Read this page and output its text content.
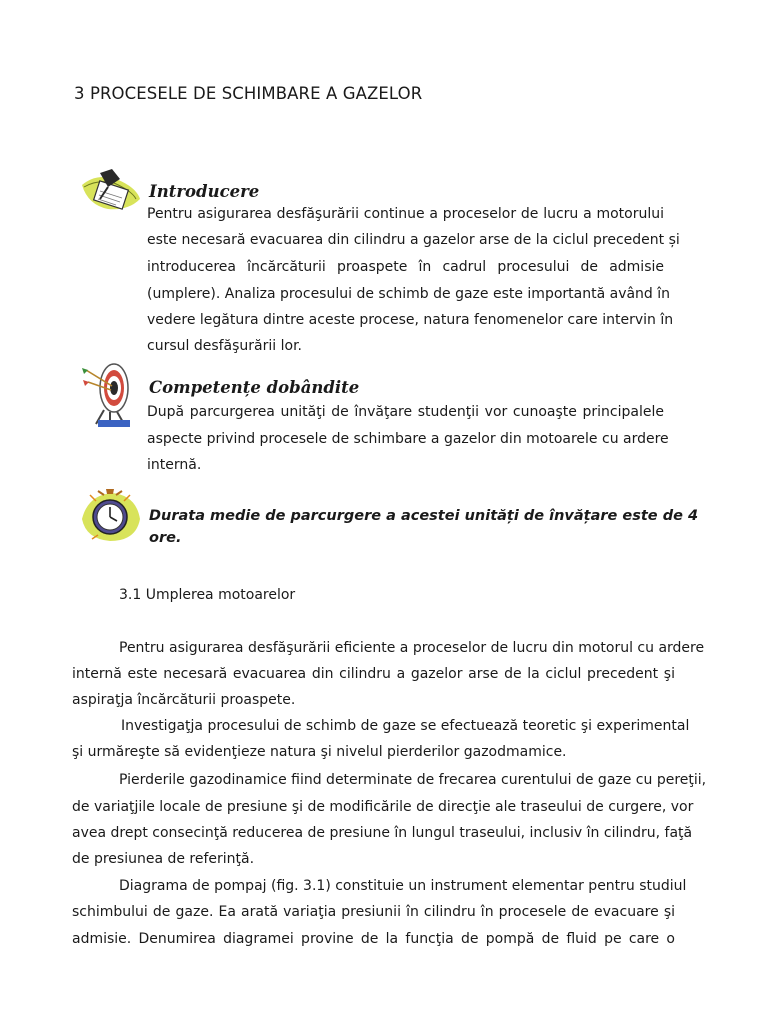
3 PROCESELE DE SCHIMBARE A GAZELOR
Introducere
Pentru asigurarea desfăşurării continue a proceselor de lucru a motorului
este necesară evacuarea din cilindru a gazelor arse de la ciclul precedent și
introducerea încărcăturii proaspete în cadrul procesului de admisie
(umplere). Analiza procesului de schimb de gaze este importantă având în
vedere legătura dintre aceste procese, natura fenomenelor care intervin în
cursul desfăşurării lor.
Competențe dobândite
După parcurgerea unităţi de învăţare studenţii vor cunoaşte principalele
aspecte privind procesele de schimbare a gazelor din motoarele cu ardere
internă.
Durata medie de parcurgere a acestei unități de învățare este de 4
ore.
3.1 Umplerea motoarelor
Pentru asigurarea desfăşurării eficiente a proceselor de lucru din motorul cu ardere
internă este necesară evacuarea din cilindru a gazelor arse de la ciclul precedent şi
aspiraţja încărcăturii proaspete.
Investigaţja procesului de schimb de gaze se efectuează teoretic şi experimental
şi urmăreşte să evidenţieze natura şi nivelul pierderilor gazodmamice.
Pierderile gazodinamice fiind determinate de frecarea curentului de gaze cu pereţii,
de variaţjile locale de presiune şi de modificările de direcţie ale traseului de curgere, vor
avea drept consecinţă reducerea de presiune în lungul traseului, inclusiv în cilindru, faţă
de presiunea de referinţă.
Diagrama de pompaj (fig. 3.1) constituie un instrument elementar pentru studiul
schimbului de gaze. Ea arată variaţia presiunii în cilindru în procesele de evacuare şi
admisie. Denumirea diagramei provine de la funcţia de pompă de fluid pe care o
